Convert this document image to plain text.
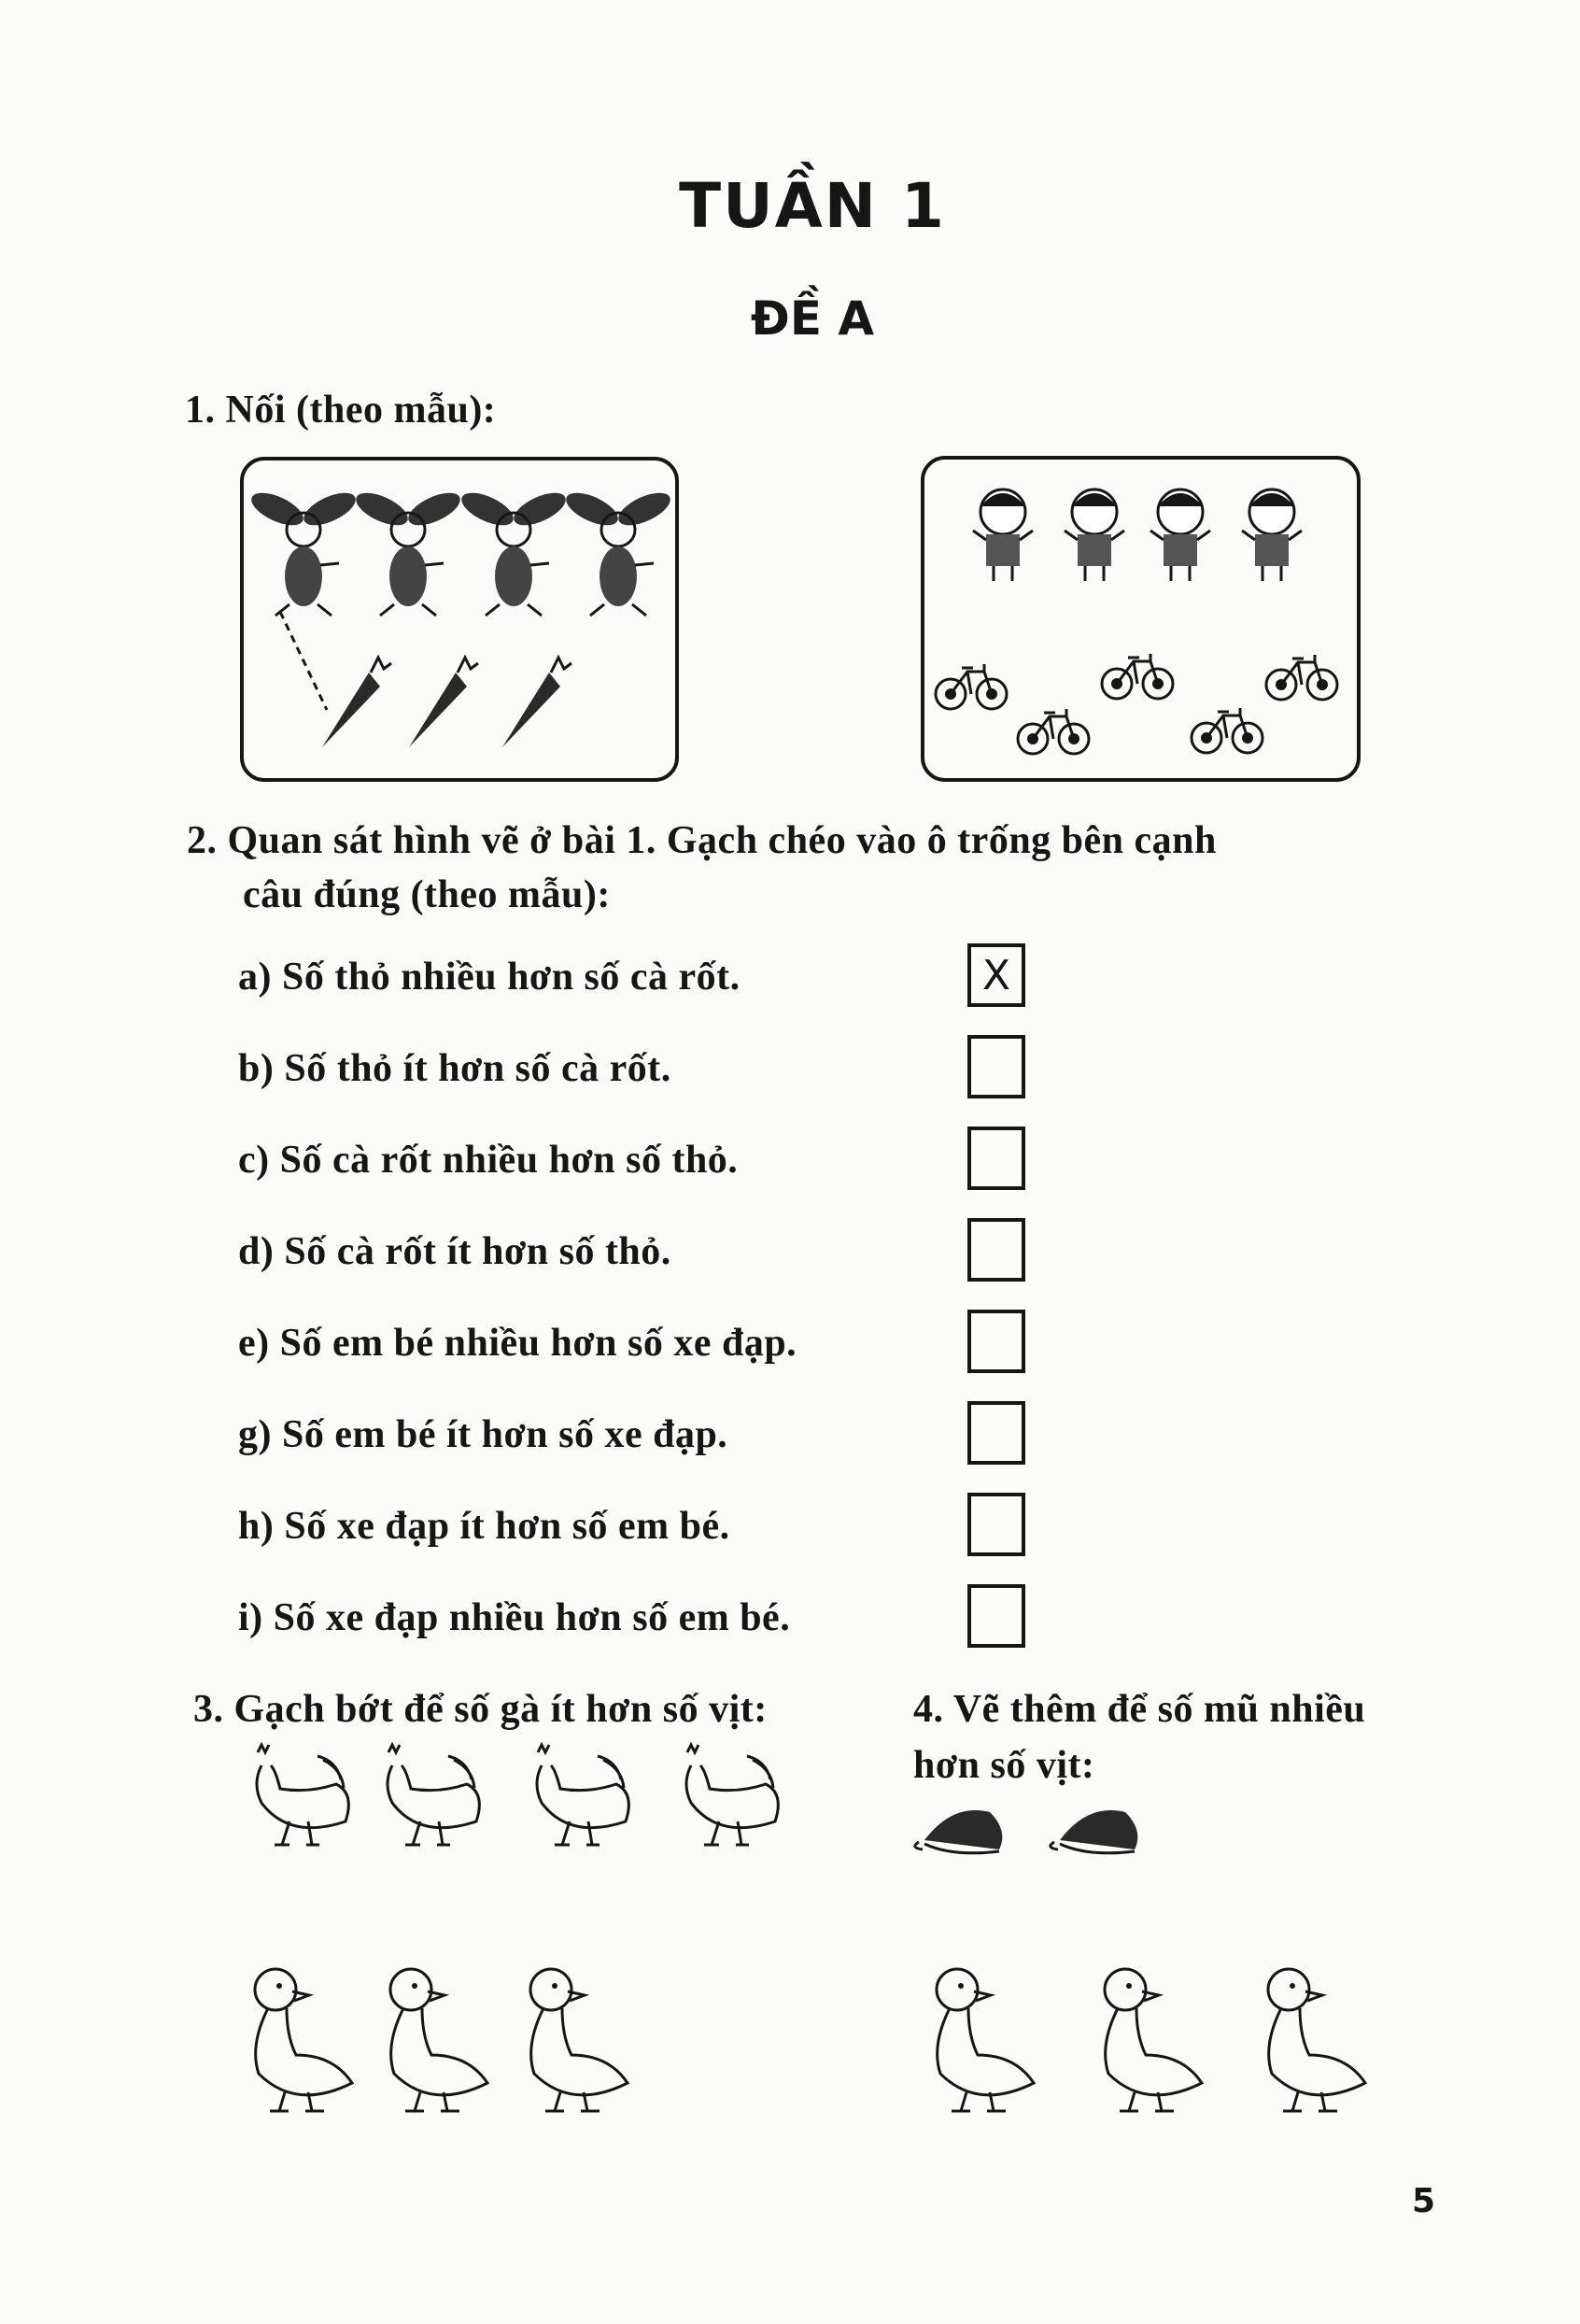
TUẦN 1
ĐỀ A
1. Nối (theo mẫu):
2. Quan sát hình vẽ ở bài 1. Gạch chéo vào ô trống bên cạnh
câu đúng (theo mẫu):
a) Số thỏ nhiều hơn số cà rốt.	X
b) Số thỏ ít hơn số cà rốt.
c) Số cà rốt nhiều hơn số thỏ.
d) Số cà rốt ít hơn số thỏ.
e) Số em bé nhiều hơn số xe đạp.
g) Số em bé ít hơn số xe đạp.
h) Số xe đạp ít hơn số em bé.
i) Số xe đạp nhiều hơn số em bé.
3. Gạch bớt để số gà ít hơn số vịt:	4. Vẽ thêm để số mũ nhiều
hơn số vịt:
5
